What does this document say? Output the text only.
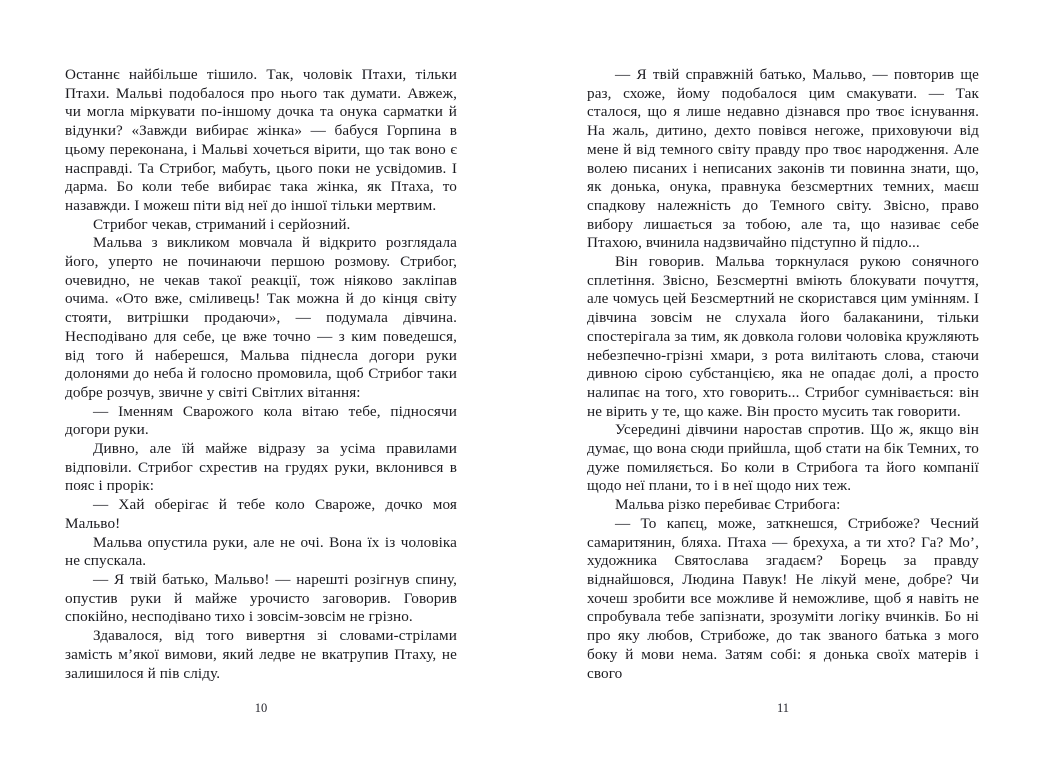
Останнє найбільше тішило. Так, чоловік Птахи, тільки Птахи. Мальві подобалося про нього так думати. Авжеж, чи могла міркувати по-іншому дочка та онука сарматки й відунки? «Завжди вибирає жінка» — бабуся Горпина в цьому переконана, і Мальві хочеться вірити, що так воно є насправді. Та Стрибог, мабуть, цього поки не усвідомив. І дарма. Бо коли тебе вибирає така жінка, як Птаха, то назавжди. І можеш піти від неї до іншої тільки мертвим.

Стрибог чекав, стриманий і серйозний.

Мальва з викликом мовчала й відкрито розглядала його, уперто не починаючи першою розмову. Стрибог, очевидно, не чекав такої реакції, тож ніяково закліпав очима. «Ото вже, сміливець! Так можна й до кінця світу стояти, витрішки продаючи», — подумала дівчина. Несподівано для себе, це вже точно — з ким поведешся, від того й наберешся, Мальва піднесла догори руки долонями до неба й голосно промовила, щоб Стрибог таки добре розчув, звичне у світі Світлих вітання:

— Іменням Сварожого кола вітаю тебе, підносячи догори руки.

Дивно, але їй майже відразу за усіма правилами відповіли. Стрибог схрестив на грудях руки, вклонився в пояс і прорік:

— Хай оберігає й тебе коло Свароже, дочко моя Мальво!

Мальва опустила руки, але не очі. Вона їх із чоловіка не спускала.

— Я твій батько, Мальво! — нарешті розігнув спину, опустив руки й майже урочисто заговорив. Говорив спокійно, несподівано тихо і зовсім-зовсім не грізно.

Здавалося, від того вивертня зі словами-стрілами замість м’якої вимови, який ледве не вкатрупив Птаху, не залишилося й пів сліду.

10

— Я твій справжній батько, Мальво, — повторив ще раз, схоже, йому подобалося цим смакувати. — Так сталося, що я лише недавно дізнався про твоє існування. На жаль, дитино, дехто повівся негоже, приховуючи від мене й від темного світу правду про твоє народження. Але волею писаних і неписаних законів ти повинна знати, що, як донька, онука, правнука безсмертних темних, маєш спадкову належність до Темного світу. Звісно, право вибору лишається за тобою, але та, що називає себе Птахою, вчинила надзвичайно підступно й підло...

Він говорив. Мальва торкнулася рукою сонячного сплетіння. Звісно, Безсмертні вміють блокувати почуття, але чомусь цей Безсмертний не скористався цим умінням. І дівчина зовсім не слухала його балаканини, тільки спостерігала за тим, як довкола голови чоловіка кружляють небезпечно-грізні хмари, з рота вилітають слова, стаючи дивною сірою субстанцією, яка не опадає долі, а просто налипає на того, хто говорить... Стрибог сумнівається: він не вірить у те, що каже. Він просто мусить так говорити.

Усередині дівчини наростав спротив. Що ж, якщо він думає, що вона сюди прийшла, щоб стати на бік Темних, то дуже помиляється. Бо коли в Стрибога та його компанії щодо неї плани, то і в неї щодо них теж.

Мальва різко перебиває Стрибога:

— То капєц, може, заткнешся, Стрибоже? Чесний самаритянин, бляха. Птаха — брехуха, а ти хто? Га? Мо’, художника Святослава згадаєм? Борець за правду віднайшовся, Людина Павук! Не лікуй мене, добре? Чи хочеш зробити все можливе й неможливе, щоб я навіть не спробувала тебе запізнати, зрозуміти логіку вчинків. Бо ні про яку любов, Стрибоже, до так званого батька з мого боку й мови нема. Затям собі: я донька своїх матерів і свого

11
